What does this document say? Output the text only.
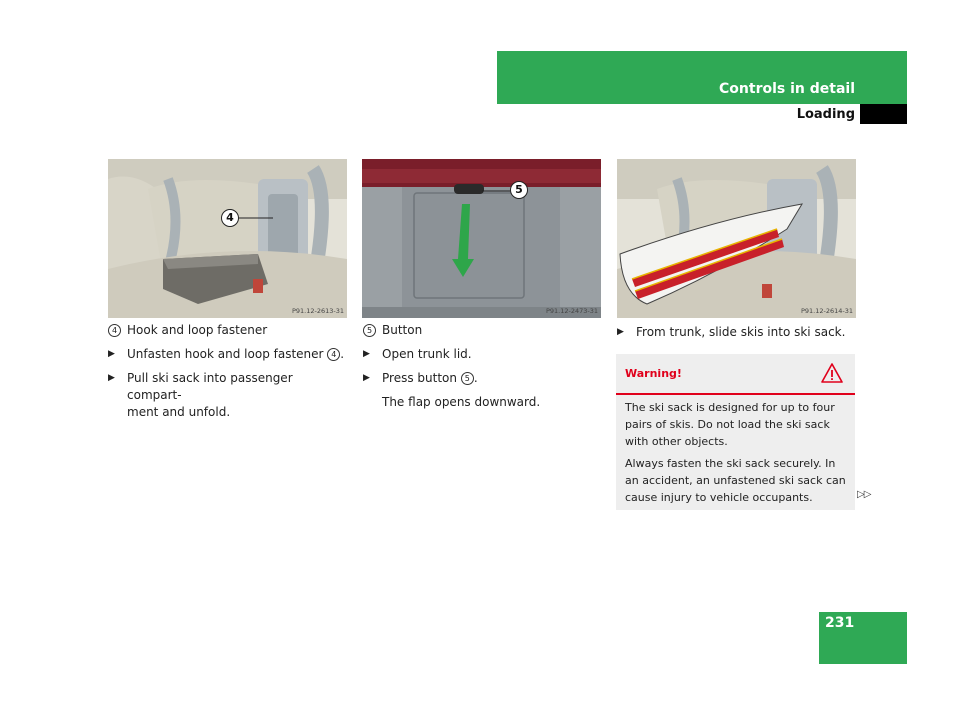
Controls in detail
Loading
4
P91.12-2613-31
5
P91.12-2473-31	P91.12-2614-31
4 Hook and loop fastener
▶ Unfasten hook and loop fastener 4 .
▶ Pull ski sack into passenger compart-
ment and unfold.
5 Button
▶ Open trunk lid.
▶ Press button 5 .
The flap opens downward.
▶ From trunk, slide skis into ski sack.
Warning!

The ski sack is designed for up to four pairs of skis. Do not load the ski sack with other objects.

Always fasten the ski sack securely. In an accident, an unfastened ski sack can cause injury to vehicle occupants.	▷▷
231
